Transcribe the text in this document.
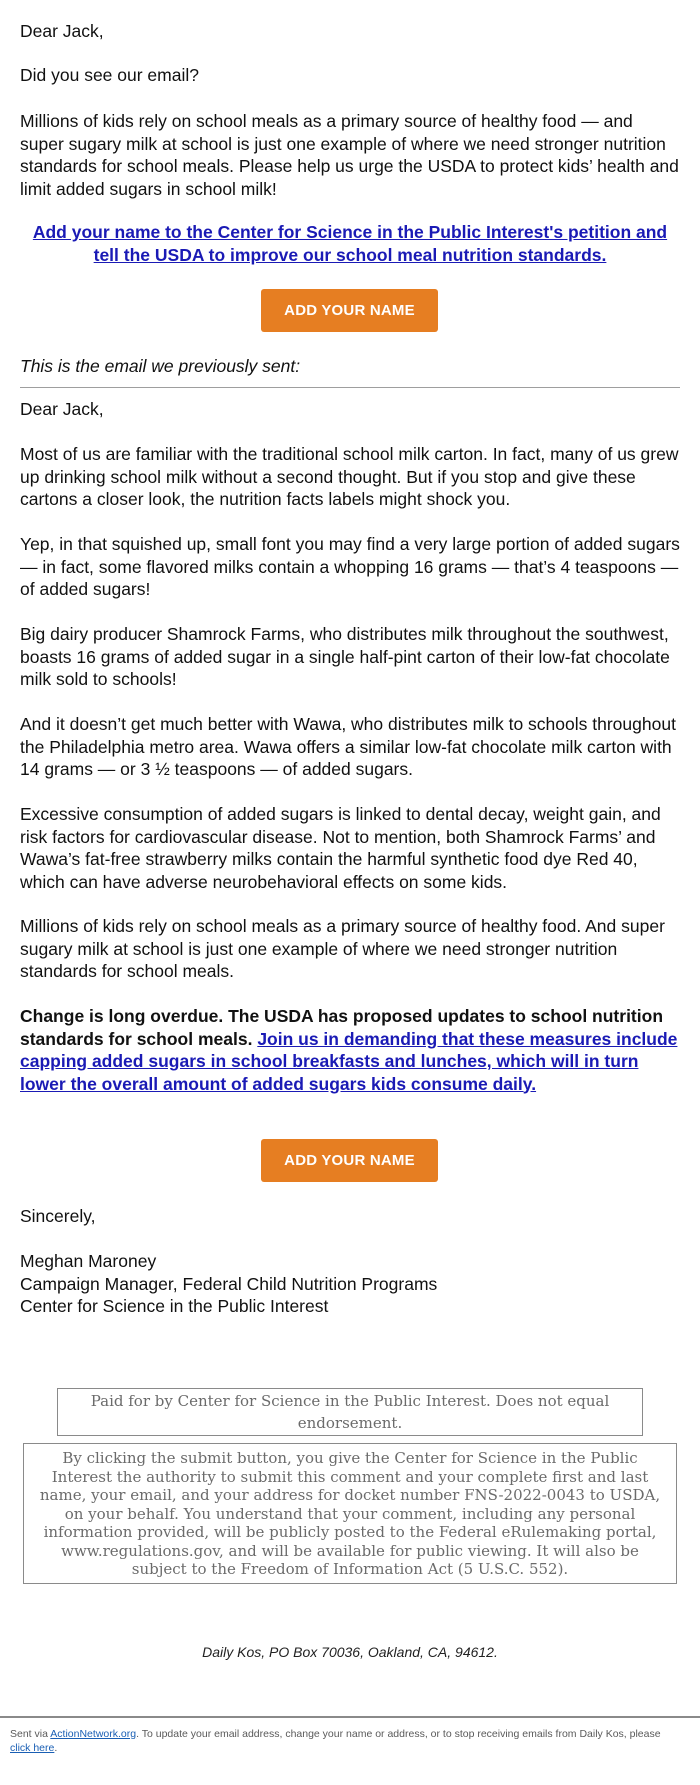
Dear Jack,

Did you see our email?

Millions of kids rely on school meals as a primary source of healthy food — and super sugary milk at school is just one example of where we need stronger nutrition standards for school meals. Please help us urge the USDA to protect kids’ health and limit added sugars in school milk!

Add your name to the Center for Science in the Public Interest's petition and tell the USDA to improve our school meal nutrition standards.
ADD YOUR NAME

This is the email we previously sent:

Dear Jack,

Most of us are familiar with the traditional school milk carton. In fact, many of us grew up drinking school milk without a second thought. But if you stop and give these cartons a closer look, the nutrition facts labels might shock you.

Yep, in that squished up, small font you may find a very large portion of added sugars — in fact, some flavored milks contain a whopping 16 grams — that’s 4 teaspoons — of added sugars!

Big dairy producer Shamrock Farms, who distributes milk throughout the southwest, boasts 16 grams of added sugar in a single half-pint carton of their low-fat chocolate milk sold to schools!

And it doesn’t get much better with Wawa, who distributes milk to schools throughout the Philadelphia metro area. Wawa offers a similar low-fat chocolate milk carton with 14 grams — or 3 ½ teaspoons — of added sugars.

Excessive consumption of added sugars is linked to dental decay, weight gain, and risk factors for cardiovascular disease. Not to mention, both Shamrock Farms’ and Wawa’s fat-free strawberry milks contain the harmful synthetic food dye Red 40, which can have adverse neurobehavioral effects on some kids.

Millions of kids rely on school meals as a primary source of healthy food. And super sugary milk at school is just one example of where we need stronger nutrition standards for school meals.

Change is long overdue. The USDA has proposed updates to school nutrition standards for school meals. Join us in demanding that these measures include capping added sugars in school breakfasts and lunches, which will in turn lower the overall amount of added sugars kids consume daily.

ADD YOUR NAME

Sincerely,

Meghan Maroney

Campaign Manager, Federal Child Nutrition Programs

Center for Science in the Public Interest

Paid for by Center for Science in the Public Interest. Does not equal endorsement.
By clicking the submit button, you give the Center for Science in the Public Interest the authority to submit this comment and your complete first and last name, your email, and your address for docket number FNS-2022-0043 to USDA, on your behalf. You understand that your comment, including any personal information provided, will be publicly posted to the Federal eRulemaking portal, www.regulations.gov, and will be available for public viewing. It will also be subject to the Freedom of Information Act (5 U.S.C. 552).
Daily Kos, PO Box 70036, Oakland, CA, 94612.
Sent via ActionNetwork.org. To update your email address, change your name or address, or to stop receiving emails from Daily Kos, please click here.
